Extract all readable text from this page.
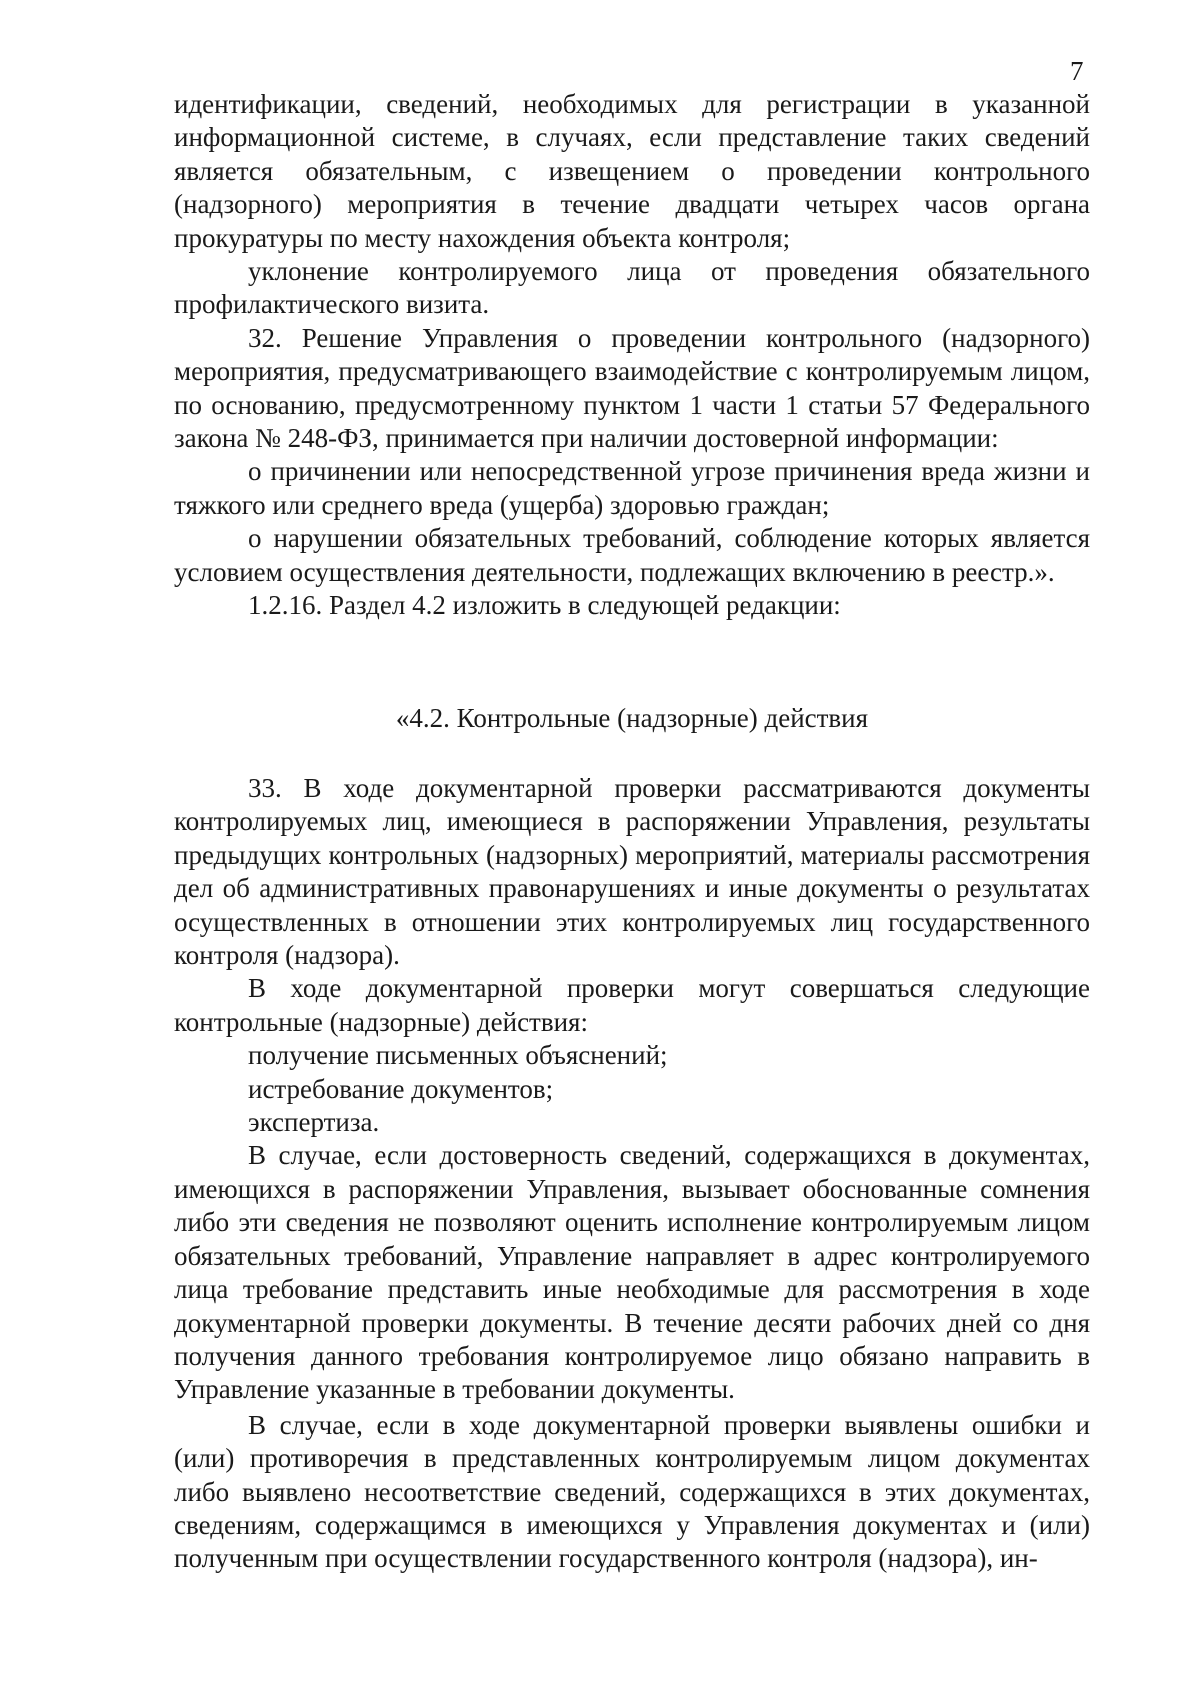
7

идентификации, сведений, необходимых для регистрации в указанной информационной системе, в случаях, если представление таких сведений является обязательным, с извещением о проведении контрольного (надзорного) мероприятия в течение двадцати четырех часов органа прокуратуры по месту нахождения объекта контроля;

уклонение контролируемого лица от проведения обязательного профилактического визита.

32. Решение Управления о проведении контрольного (надзорного) мероприятия, предусматривающего взаимодействие с контролируемым лицом, по основанию, предусмотренному пунктом 1 части 1 статьи 57 Федерального закона № 248-ФЗ, принимается при наличии достоверной информации:

о причинении или непосредственной угрозе причинения вреда жизни и тяжкого или среднего вреда (ущерба) здоровью граждан;

о нарушении обязательных требований, соблюдение которых является условием осуществления деятельности, подлежащих включению в реестр.».

1.2.16. Раздел 4.2 изложить в следующей редакции:

«4.2. Контрольные (надзорные) действия

33. В ходе документарной проверки рассматриваются документы контролируемых лиц, имеющиеся в распоряжении Управления, результаты предыдущих контрольных (надзорных) мероприятий, материалы рассмотрения дел об административных правонарушениях и иные документы о результатах осуществленных в отношении этих контролируемых лиц государственного контроля (надзора).

В ходе документарной проверки могут совершаться следующие контрольные (надзорные) действия:

получение письменных объяснений;

истребование документов;

экспертиза.

В случае, если достоверность сведений, содержащихся в документах, имеющихся в распоряжении Управления, вызывает обоснованные сомнения либо эти сведения не позволяют оценить исполнение контролируемым лицом обязательных требований, Управление направляет в адрес контролируемого лица требование представить иные необходимые для рассмотрения в ходе документарной проверки документы. В течение десяти рабочих дней со дня получения данного требования контролируемое лицо обязано направить в Управление указанные в требовании документы.

В случае, если в ходе документарной проверки выявлены ошибки и (или) противоречия в представленных контролируемым лицом документах либо выявлено несоответствие сведений, содержащихся в этих документах, сведениям, содержащимся в имеющихся у Управления документах и (или) полученным при осуществлении государственного контроля (надзора), ин-
